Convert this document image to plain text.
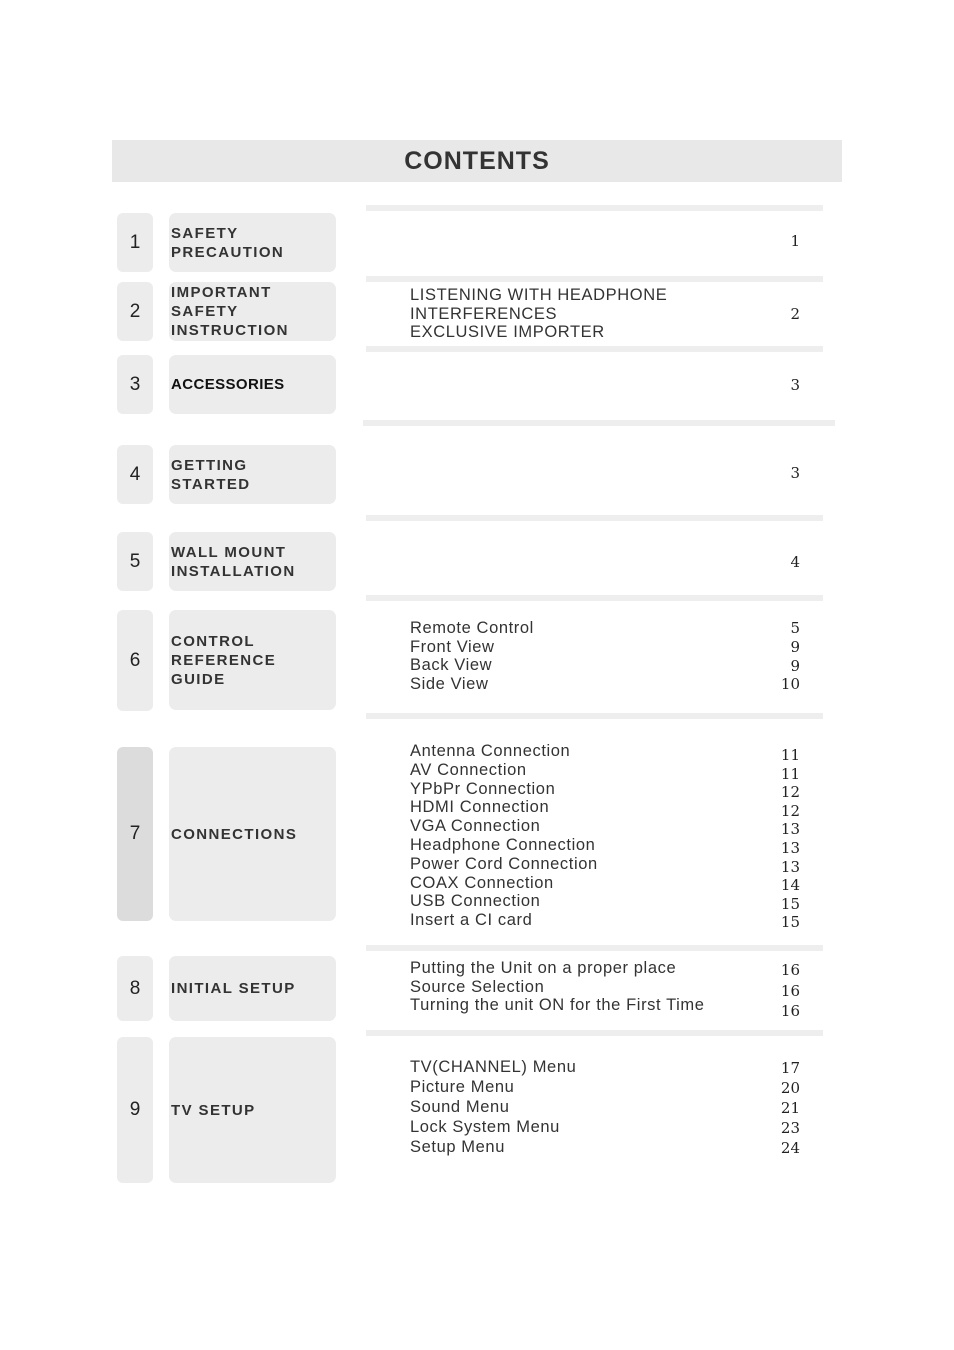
CONTENTS
1 SAFETY
PRECAUTION
1
2
IMPORTANT
SAFETY
INSTRUCTION
LISTENING WITH HEADPHONE
INTERFERENCES
EXCLUSIVE IMPORTER
2
3 ACCESSORIES	3
4 GETTING
STARTED
3
5 WALL MOUNT
INSTALLATION	4
6
CONTROL
REFERENCE
GUIDE
Remote Control
Front View
Back View
Side View
5
9
9
10
7 CONNECTIONS
Antenna Connection
AV Connection
YPbPr Connection
HDMI Connection
VGA Connection
Headphone Connection
Power Cord Connection
COAX Connection
USB Connection
Insert a CI card
11
11
12
12
13
13
13
14
15
15
8 INITIAL SETUP
Putting the Unit on a proper place
Source Selection
Turning the unit ON for the First Time
16
16
16
9 TV SETUP
TV(CHANNEL) Menu
Picture Menu
Sound Menu
Lock System Menu
Setup Menu
17
20
21
23
24
